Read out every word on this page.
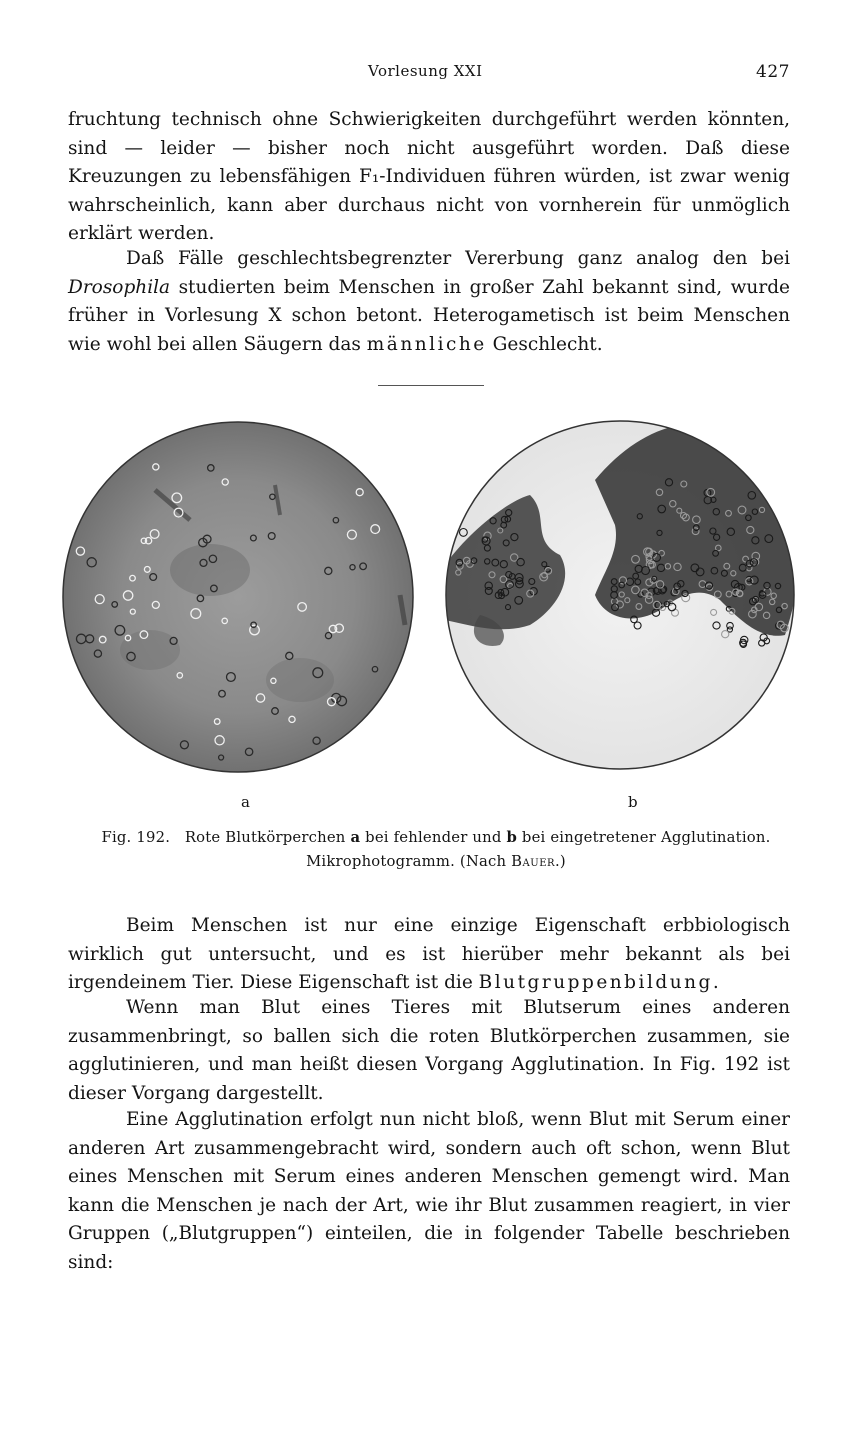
Vorlesung XXI	427

fruchtung technisch ohne Schwierigkeiten durchgeführt werden könnten, sind — leider — bisher noch nicht ausgeführt worden. Daß diese Kreuzungen zu lebensfähigen F₁-Individuen führen würden, ist zwar wenig wahrscheinlich, kann aber durchaus nicht von vornherein für unmöglich erklärt werden.

Daß Fälle geschlechtsbegrenzter Vererbung ganz analog den bei Drosophila studierten beim Menschen in großer Zahl bekannt sind, wurde früher in Vorlesung X schon betont. Heterogametisch ist beim Menschen wie wohl bei allen Säugern das männliche Geschlecht.

a	b
Fig. 192. Rote Blutkörperchen a bei fehlender und b bei eingetretener Agglutination.
Mikrophotogramm. (Nach Bauer.)

Beim Menschen ist nur eine einzige Eigenschaft erbbiologisch wirklich gut untersucht, und es ist hierüber mehr bekannt als bei irgendeinem Tier. Diese Eigenschaft ist die Blutgruppenbildung.

Wenn man Blut eines Tieres mit Blutserum eines anderen zusammenbringt, so ballen sich die roten Blutkörperchen zusammen, sie agglutinieren, und man heißt diesen Vorgang Agglutination. In Fig. 192 ist dieser Vorgang dargestellt.

Eine Agglutination erfolgt nun nicht bloß, wenn Blut mit Serum einer anderen Art zusammengebracht wird, sondern auch oft schon, wenn Blut eines Menschen mit Serum eines anderen Menschen gemengt wird. Man kann die Menschen je nach der Art, wie ihr Blut zusammen reagiert, in vier Gruppen („Blutgruppen“) einteilen, die in folgender Tabelle beschrieben sind:
